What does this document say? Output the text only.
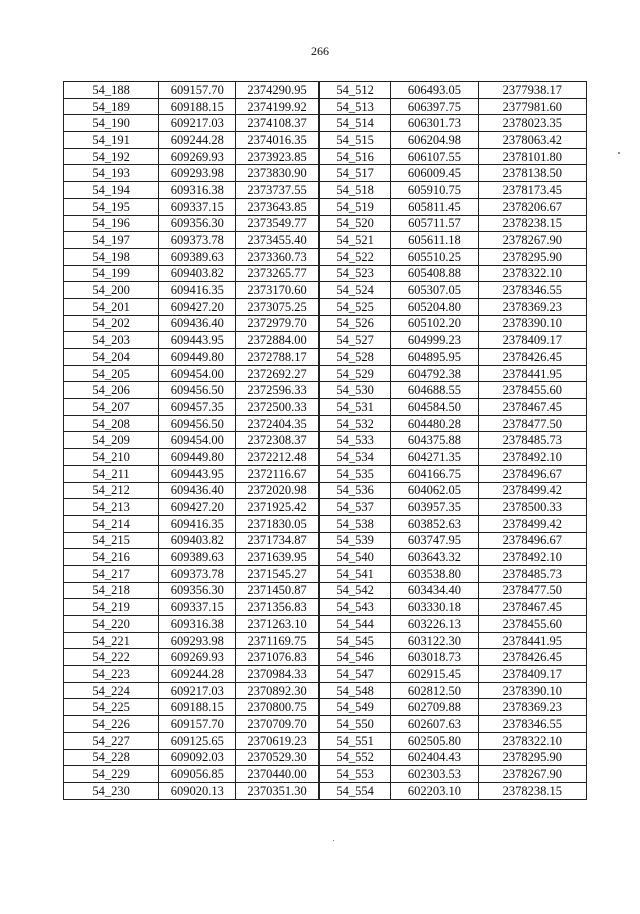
266
54_188	609157.70	2374290.95	54_512	606493.05	2377938.17
54_189	609188.15	2374199.92	54_513	606397.75	2377981.60
54_190	609217.03	2374108.37	54_514	606301.73	2378023.35
54_191	609244.28	2374016.35	54_515	606204.98	2378063.42
54_192	609269.93	2373923.85	54_516	606107.55	2378101.80
54_193	609293.98	2373830.90	54_517	606009.45	2378138.50
54_194	609316.38	2373737.55	54_518	605910.75	2378173.45
54_195	609337.15	2373643.85	54_519	605811.45	2378206.67
54_196	609356.30	2373549.77	54_520	605711.57	2378238.15
54_197	609373.78	2373455.40	54_521	605611.18	2378267.90
54_198	609389.63	2373360.73	54_522	605510.25	2378295.90
54_199	609403.82	2373265.77	54_523	605408.88	2378322.10
54_200	609416.35	2373170.60	54_524	605307.05	2378346.55
54_201	609427.20	2373075.25	54_525	605204.80	2378369.23
54_202	609436.40	2372979.70	54_526	605102.20	2378390.10
54_203	609443.95	2372884.00	54_527	604999.23	2378409.17
54_204	609449.80	2372788.17	54_528	604895.95	2378426.45
54_205	609454.00	2372692.27	54_529	604792.38	2378441.95
54_206	609456.50	2372596.33	54_530	604688.55	2378455.60
54_207	609457.35	2372500.33	54_531	604584.50	2378467.45
54_208	609456.50	2372404.35	54_532	604480.28	2378477.50
54_209	609454.00	2372308.37	54_533	604375.88	2378485.73
54_210	609449.80	2372212.48	54_534	604271.35	2378492.10
54_211	609443.95	2372116.67	54_535	604166.75	2378496.67
54_212	609436.40	2372020.98	54_536	604062.05	2378499.42
54_213	609427.20	2371925.42	54_537	603957.35	2378500.33
54_214	609416.35	2371830.05	54_538	603852.63	2378499.42
54_215	609403.82	2371734.87	54_539	603747.95	2378496.67
54_216	609389.63	2371639.95	54_540	603643.32	2378492.10
54_217	609373.78	2371545.27	54_541	603538.80	2378485.73
54_218	609356.30	2371450.87	54_542	603434.40	2378477.50
54_219	609337.15	2371356.83	54_543	603330.18	2378467.45
54_220	609316.38	2371263.10	54_544	603226.13	2378455.60
54_221	609293.98	2371169.75	54_545	603122.30	2378441.95
54_222	609269.93	2371076.83	54_546	603018.73	2378426.45
54_223	609244.28	2370984.33	54_547	602915.45	2378409.17
54_224	609217.03	2370892.30	54_548	602812.50	2378390.10
54_225	609188.15	2370800.75	54_549	602709.88	2378369.23
54_226	609157.70	2370709.70	54_550	602607.63	2378346.55
54_227	609125.65	2370619.23	54_551	602505.80	2378322.10
54_228	609092.03	2370529.30	54_552	602404.43	2378295.90
54_229	609056.85	2370440.00	54_553	602303.53	2378267.90
54_230	609020.13	2370351.30	54_554	602203.10	2378238.15
